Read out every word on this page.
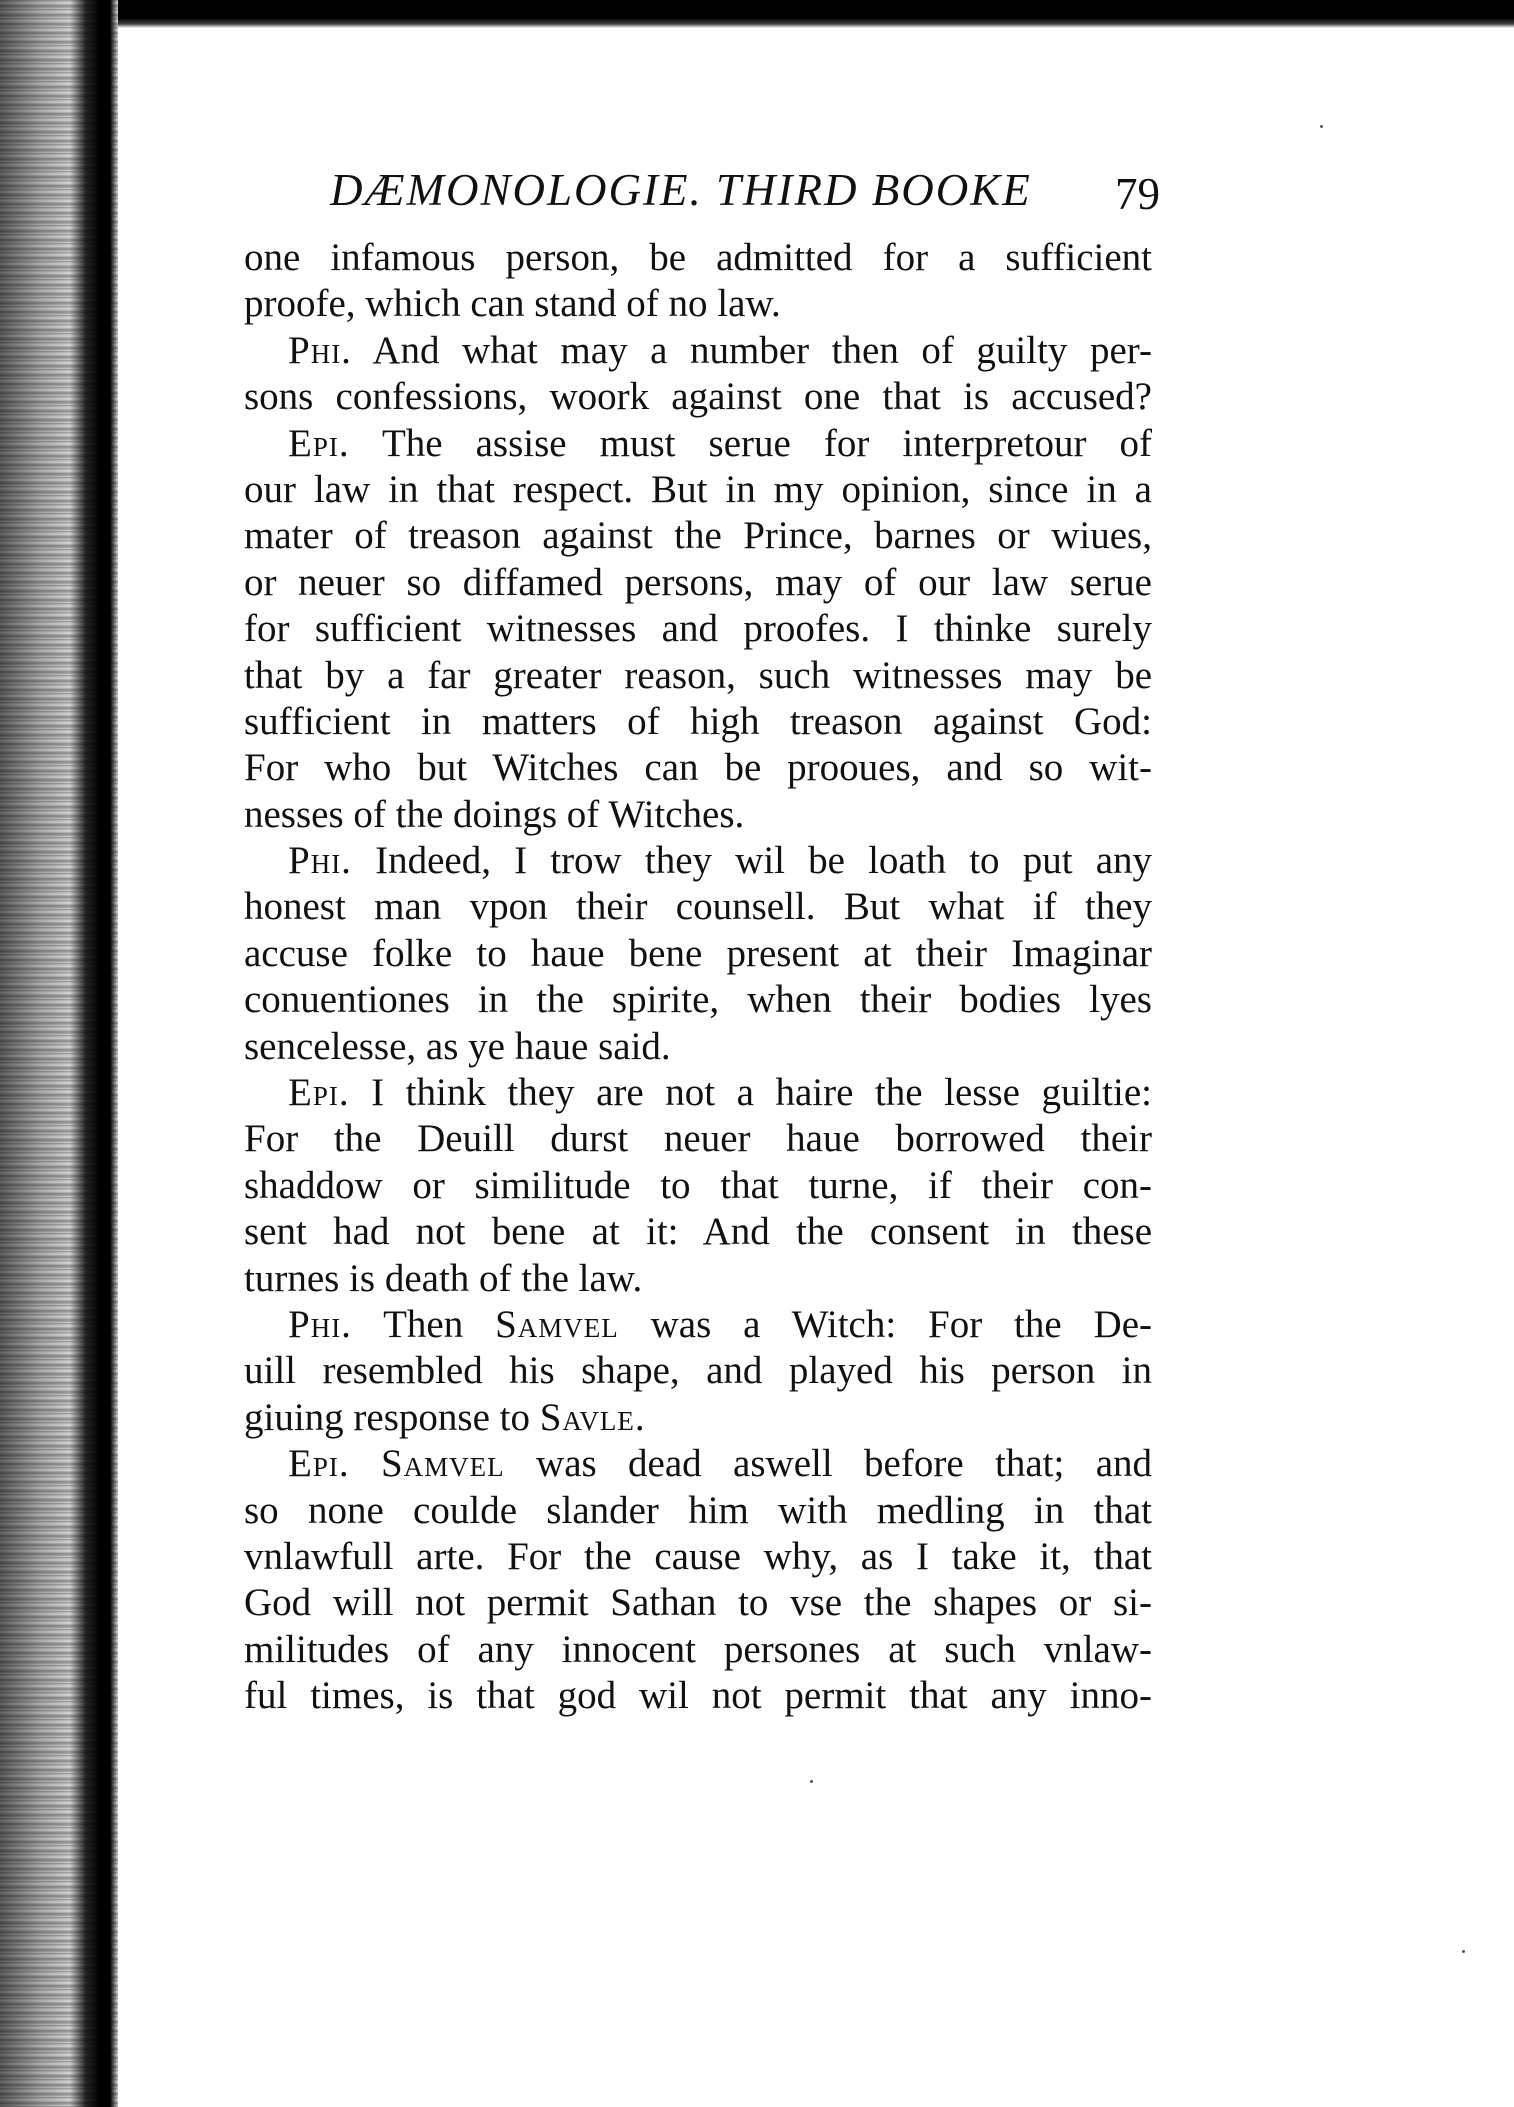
DÆMONOLOGIE. THIRD BOOKE 79
one infamous person, be admitted for a sufficient
proofe, which can stand of no law.
Phi. And what may a number then of guilty per-
sons confessions, woork against one that is accused?
Epi. The assise must serue for interpretour of
our law in that respect. But in my opinion, since in a
mater of treason against the Prince, barnes or wiues,
or neuer so diffamed persons, may of our law serue
for sufficient witnesses and proofes. I thinke surely
that by a far greater reason, such witnesses may be
sufficient in matters of high treason against God:
For who but Witches can be prooues, and so wit-
nesses of the doings of Witches.
Phi. Indeed, I trow they wil be loath to put any
honest man vpon their counsell. But what if they
accuse folke to haue bene present at their Imaginar
conuentiones in the spirite, when their bodies lyes
sencelesse, as ye haue said.
Epi. I think they are not a haire the lesse guiltie:
For the Deuill durst neuer haue borrowed their
shaddow or similitude to that turne, if their con-
sent had not bene at it: And the consent in these
turnes is death of the law.
Phi. Then Samvel was a Witch: For the De-
uill resembled his shape, and played his person in
giuing response to Savle.
Epi. Samvel was dead aswell before that; and
so none coulde slander him with medling in that
vnlawfull arte. For the cause why, as I take it, that
God will not permit Sathan to vse the shapes or si-
militudes of any innocent persones at such vnlaw-
ful times, is that god wil not permit that any inno-
